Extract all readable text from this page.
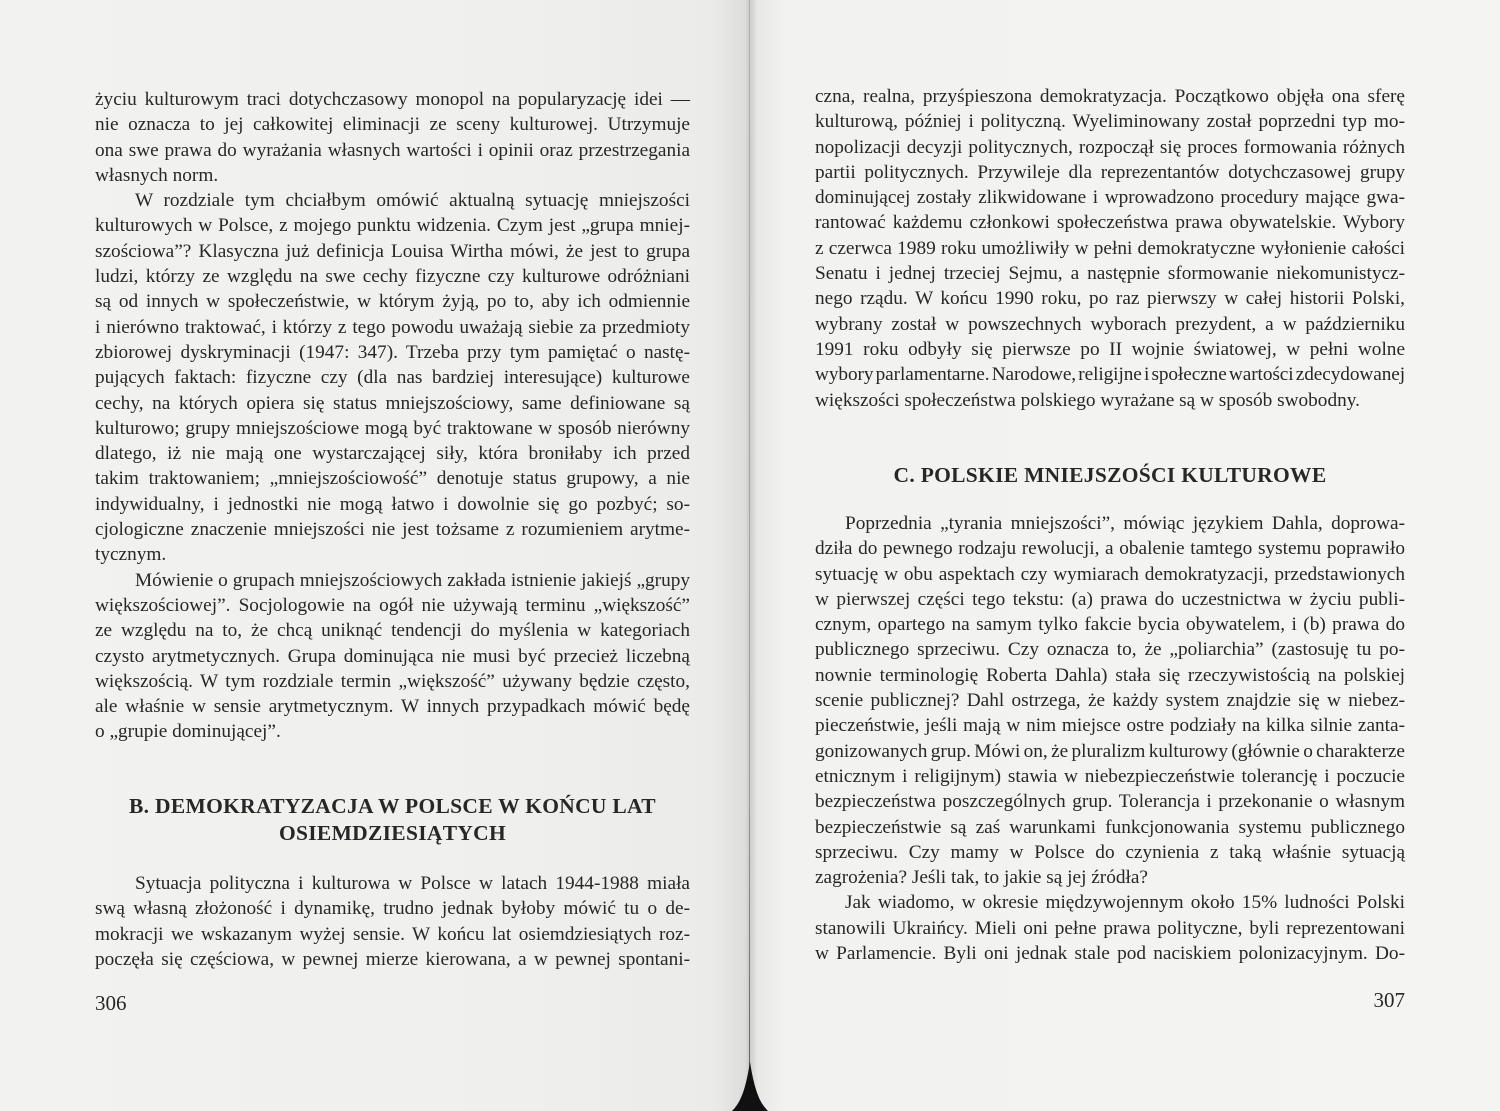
życiu kulturowym traci dotychczasowy monopol na popularyzację idei —
nie oznacza to jej całkowitej eliminacji ze sceny kulturowej. Utrzymuje
ona swe prawa do wyrażania własnych wartości i opinii oraz przestrzegania
własnych norm.
W rozdziale tym chciałbym omówić aktualną sytuację mniejszości
kulturowych w Polsce, z mojego punktu widzenia. Czym jest „grupa mniej-
szościowa”? Klasyczna już definicja Louisa Wirtha mówi, że jest to grupa
ludzi, którzy ze względu na swe cechy fizyczne czy kulturowe odróżniani
są od innych w społeczeństwie, w którym żyją, po to, aby ich odmiennie
i nierówno traktować, i którzy z tego powodu uważają siebie za przedmioty
zbiorowej dyskryminacji (1947: 347). Trzeba przy tym pamiętać o nastę-
pujących faktach: fizyczne czy (dla nas bardziej interesujące) kulturowe
cechy, na których opiera się status mniejszościowy, same definiowane są
kulturowo; grupy mniejszościowe mogą być traktowane w sposób nierówny
dlatego, iż nie mają one wystarczającej siły, która broniłaby ich przed
takim traktowaniem; „mniejszościowość” denotuje status grupowy, a nie
indywidualny, i jednostki nie mogą łatwo i dowolnie się go pozbyć; so-
cjologiczne znaczenie mniejszości nie jest tożsame z rozumieniem arytme-
tycznym.
Mówienie o grupach mniejszościowych zakłada istnienie jakiejś „grupy
większościowej”. Socjologowie na ogół nie używają terminu „większość”
ze względu na to, że chcą uniknąć tendencji do myślenia w kategoriach
czysto arytmetycznych. Grupa dominująca nie musi być przecież liczebną
większością. W tym rozdziale termin „większość” używany będzie często,
ale właśnie w sensie arytmetycznym. W innych przypadkach mówić będę
o „grupie dominującej”.
B. DEMOKRATYZACJA W POLSCE W KOŃCU LAT
OSIEMDZIESIĄTYCH
Sytuacja polityczna i kulturowa w Polsce w latach 1944-1988 miała
swą własną złożoność i dynamikę, trudno jednak byłoby mówić tu o de-
mokracji we wskazanym wyżej sensie. W końcu lat osiemdziesiątych roz-
poczęła się częściowa, w pewnej mierze kierowana, a w pewnej spontani-
306
czna, realna, przyśpieszona demokratyzacja. Początkowo objęła ona sferę
kulturową, później i polityczną. Wyeliminowany został poprzedni typ mo-
nopolizacji decyzji politycznych, rozpoczął się proces formowania różnych
partii politycznych. Przywileje dla reprezentantów dotychczasowej grupy
dominującej zostały zlikwidowane i wprowadzono procedury mające gwa-
rantować każdemu członkowi społeczeństwa prawa obywatelskie. Wybory
z czerwca 1989 roku umożliwiły w pełni demokratyczne wyłonienie całości
Senatu i jednej trzeciej Sejmu, a następnie sformowanie niekomunistycz-
nego rządu. W końcu 1990 roku, po raz pierwszy w całej historii Polski,
wybrany został w powszechnych wyborach prezydent, a w październiku
1991 roku odbyły się pierwsze po II wojnie światowej, w pełni wolne
wybory parlamentarne. Narodowe, religijne i społeczne wartości zdecydowanej
większości społeczeństwa polskiego wyrażane są w sposób swobodny.
C. POLSKIE MNIEJSZOŚCI KULTUROWE
Poprzednia „tyrania mniejszości”, mówiąc językiem Dahla, doprowa-
dziła do pewnego rodzaju rewolucji, a obalenie tamtego systemu poprawiło
sytuację w obu aspektach czy wymiarach demokratyzacji, przedstawionych
w pierwszej części tego tekstu: (a) prawa do uczestnictwa w życiu publi-
cznym, opartego na samym tylko fakcie bycia obywatelem, i (b) prawa do
publicznego sprzeciwu. Czy oznacza to, że „poliarchia” (zastosuję tu po-
nownie terminologię Roberta Dahla) stała się rzeczywistością na polskiej
scenie publicznej? Dahl ostrzega, że każdy system znajdzie się w niebez-
pieczeństwie, jeśli mają w nim miejsce ostre podziały na kilka silnie zanta-
gonizowanych grup. Mówi on, że pluralizm kulturowy (głównie o charakterze
etnicznym i religijnym) stawia w niebezpieczeństwie tolerancję i poczucie
bezpieczeństwa poszczególnych grup. Tolerancja i przekonanie o własnym
bezpieczeństwie są zaś warunkami funkcjonowania systemu publicznego
sprzeciwu. Czy mamy w Polsce do czynienia z taką właśnie sytuacją
zagrożenia? Jeśli tak, to jakie są jej źródła?
Jak wiadomo, w okresie międzywojennym około 15% ludności Polski
stanowili Ukraińcy. Mieli oni pełne prawa polityczne, byli reprezentowani
w Parlamencie. Byli oni jednak stale pod naciskiem polonizacyjnym. Do-
307
